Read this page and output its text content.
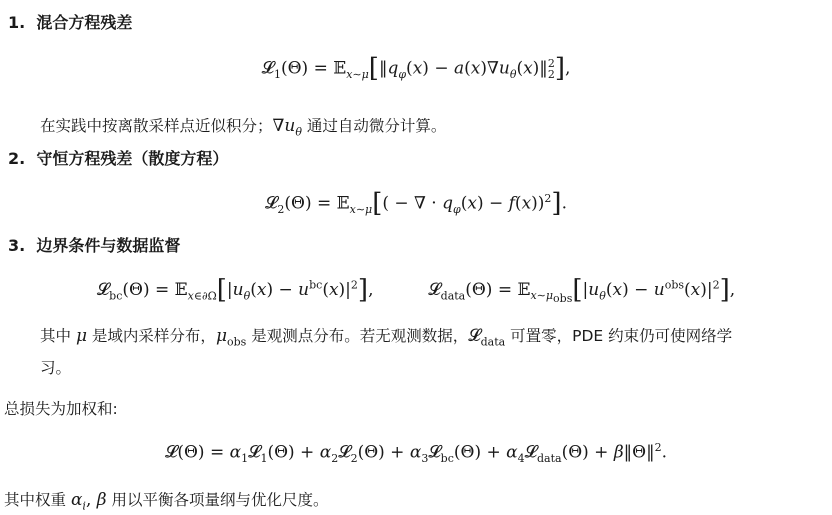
1.  混合方程残差
𝓛$_1$(Θ) = $𝔼_{x\sim\mu}[‖q_\varphi(x)$ − $a(x)\nabla u_\theta(x)‖^2_2$],
在实践中按离散采样点近似积分；$\nabla u_\theta$ 通过自动微分计算。
2.  守恒方程残差（散度方程）
𝓛$_2$(Θ) = 𝔼$_{x\sim\mu}$[( − ∇ · $q_\varphi(x) - f(x))^2$].
3.  边界条件与数据监督
𝓛$_{bc}$(Θ) = $𝔼_{x\in\partial\Omega}[|u_\theta(x) - u^{bc}(x)|^2]$,	𝓛$_{data}$(Θ) = $𝔼_{x\sim\mu_{obs}}[|u_\theta(x) - u^{obs}(x)|^2]$,
其中 μ 是域内采样分布，$\mu_{obs}$ 是观测点分布。若无观测数据，𝓛$_{data}$ 可置零，PDE 约束仍可使网络学
习。
总损失为加权和:
𝓛(Θ) = $\alpha_1𝓛_1(\Theta)$ + $\alpha_2𝓛_2(\Theta)$ + $\alpha_3𝓛_{bc}(\Theta)$ + $\alpha_4𝓛_{data}(\Theta)$ + β‖Θ‖$^2$.
其中权重 $\alpha_i$, β 用以平衡各项量纲与优化尺度。
